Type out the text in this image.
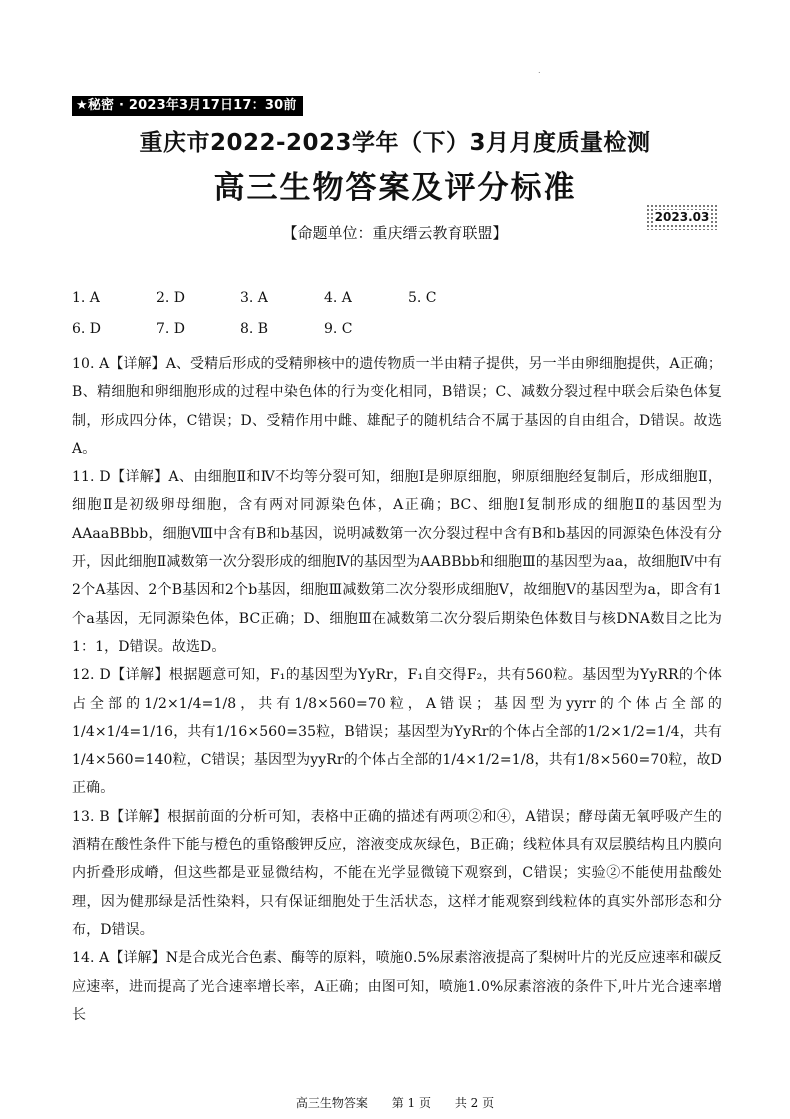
.
★秘密 · 2023年3月17日17：30前
重庆市2022-2023学年（下）3月月度质量检测
高三生物答案及评分标准
2023.03
【命题单位：重庆缙云教育联盟】
1. A	2. D	3. A	4. A	5. C
6. D	7. D	8. B	9. C

10. A【详解】A、受精后形成的受精卵核中的遗传物质一半由精子提供，另一半由卵细胞提供，A正确；B、精细胞和卵细胞形成的过程中染色体的行为变化相同，B错误；C、减数分裂过程中联会后染色体复制，形成四分体，C错误；D、受精作用中雌、雄配子的随机结合不属于基因的自由组合，D错误。故选A。

11. D【详解】A、由细胞Ⅱ和Ⅳ不均等分裂可知，细胞Ⅰ是卵原细胞，卵原细胞经复制后，形成细胞Ⅱ，细胞Ⅱ是初级卵母细胞，含有两对同源染色体，A正确；BC、细胞Ⅰ复制形成的细胞Ⅱ的基因型为AAaaBBbb，细胞Ⅷ中含有B和b基因，说明减数第一次分裂过程中含有B和b基因的同源染色体没有分开，因此细胞Ⅱ减数第一次分裂形成的细胞Ⅳ的基因型为AABBbb和细胞Ⅲ的基因型为aa，故细胞Ⅳ中有2个A基因、2个B基因和2个b基因，细胞Ⅲ减数第二次分裂形成细胞Ⅴ，故细胞Ⅴ的基因型为a，即含有1个a基因，无同源染色体，BC正确；D、细胞Ⅲ在减数第二次分裂后期染色体数目与核DNA数目之比为1：1，D错误。故选D。

12. D【详解】根据题意可知，F₁的基因型为YyRr，F₁自交得F₂，共有560粒。基因型为YyRR的个体占全部的1/2×1/4=1/8，共有1/8×560=70粒，A错误；基因型为yyrr的个体占全部的1/4×1/4=1/16，共有1/16×560=35粒，B错误；基因型为YyRr的个体占全部的1/2×1/2=1/4，共有1/4×560=140粒，C错误；基因型为yyRr的个体占全部的1/4×1/2=1/8，共有1/8×560=70粒，故D正确。

13. B【详解】根据前面的分析可知，表格中正确的描述有两项②和④，A错误；酵母菌无氧呼吸产生的酒精在酸性条件下能与橙色的重铬酸钾反应，溶液变成灰绿色，B正确；线粒体具有双层膜结构且内膜向内折叠形成嵴，但这些都是亚显微结构，不能在光学显微镜下观察到，C错误；实验②不能使用盐酸处理，因为健那绿是活性染料，只有保证细胞处于生活状态，这样才能观察到线粒体的真实外部形态和分布，D错误。

14. A【详解】N是合成光合色素、酶等的原料，喷施0.5%尿素溶液提高了梨树叶片的光反应速率和碳反应速率，进而提高了光合速率增长率，A正确；由图可知，喷施1.0%尿素溶液的条件下,叶片光合速率增长

高三生物答案 第 1 页 共 2 页
